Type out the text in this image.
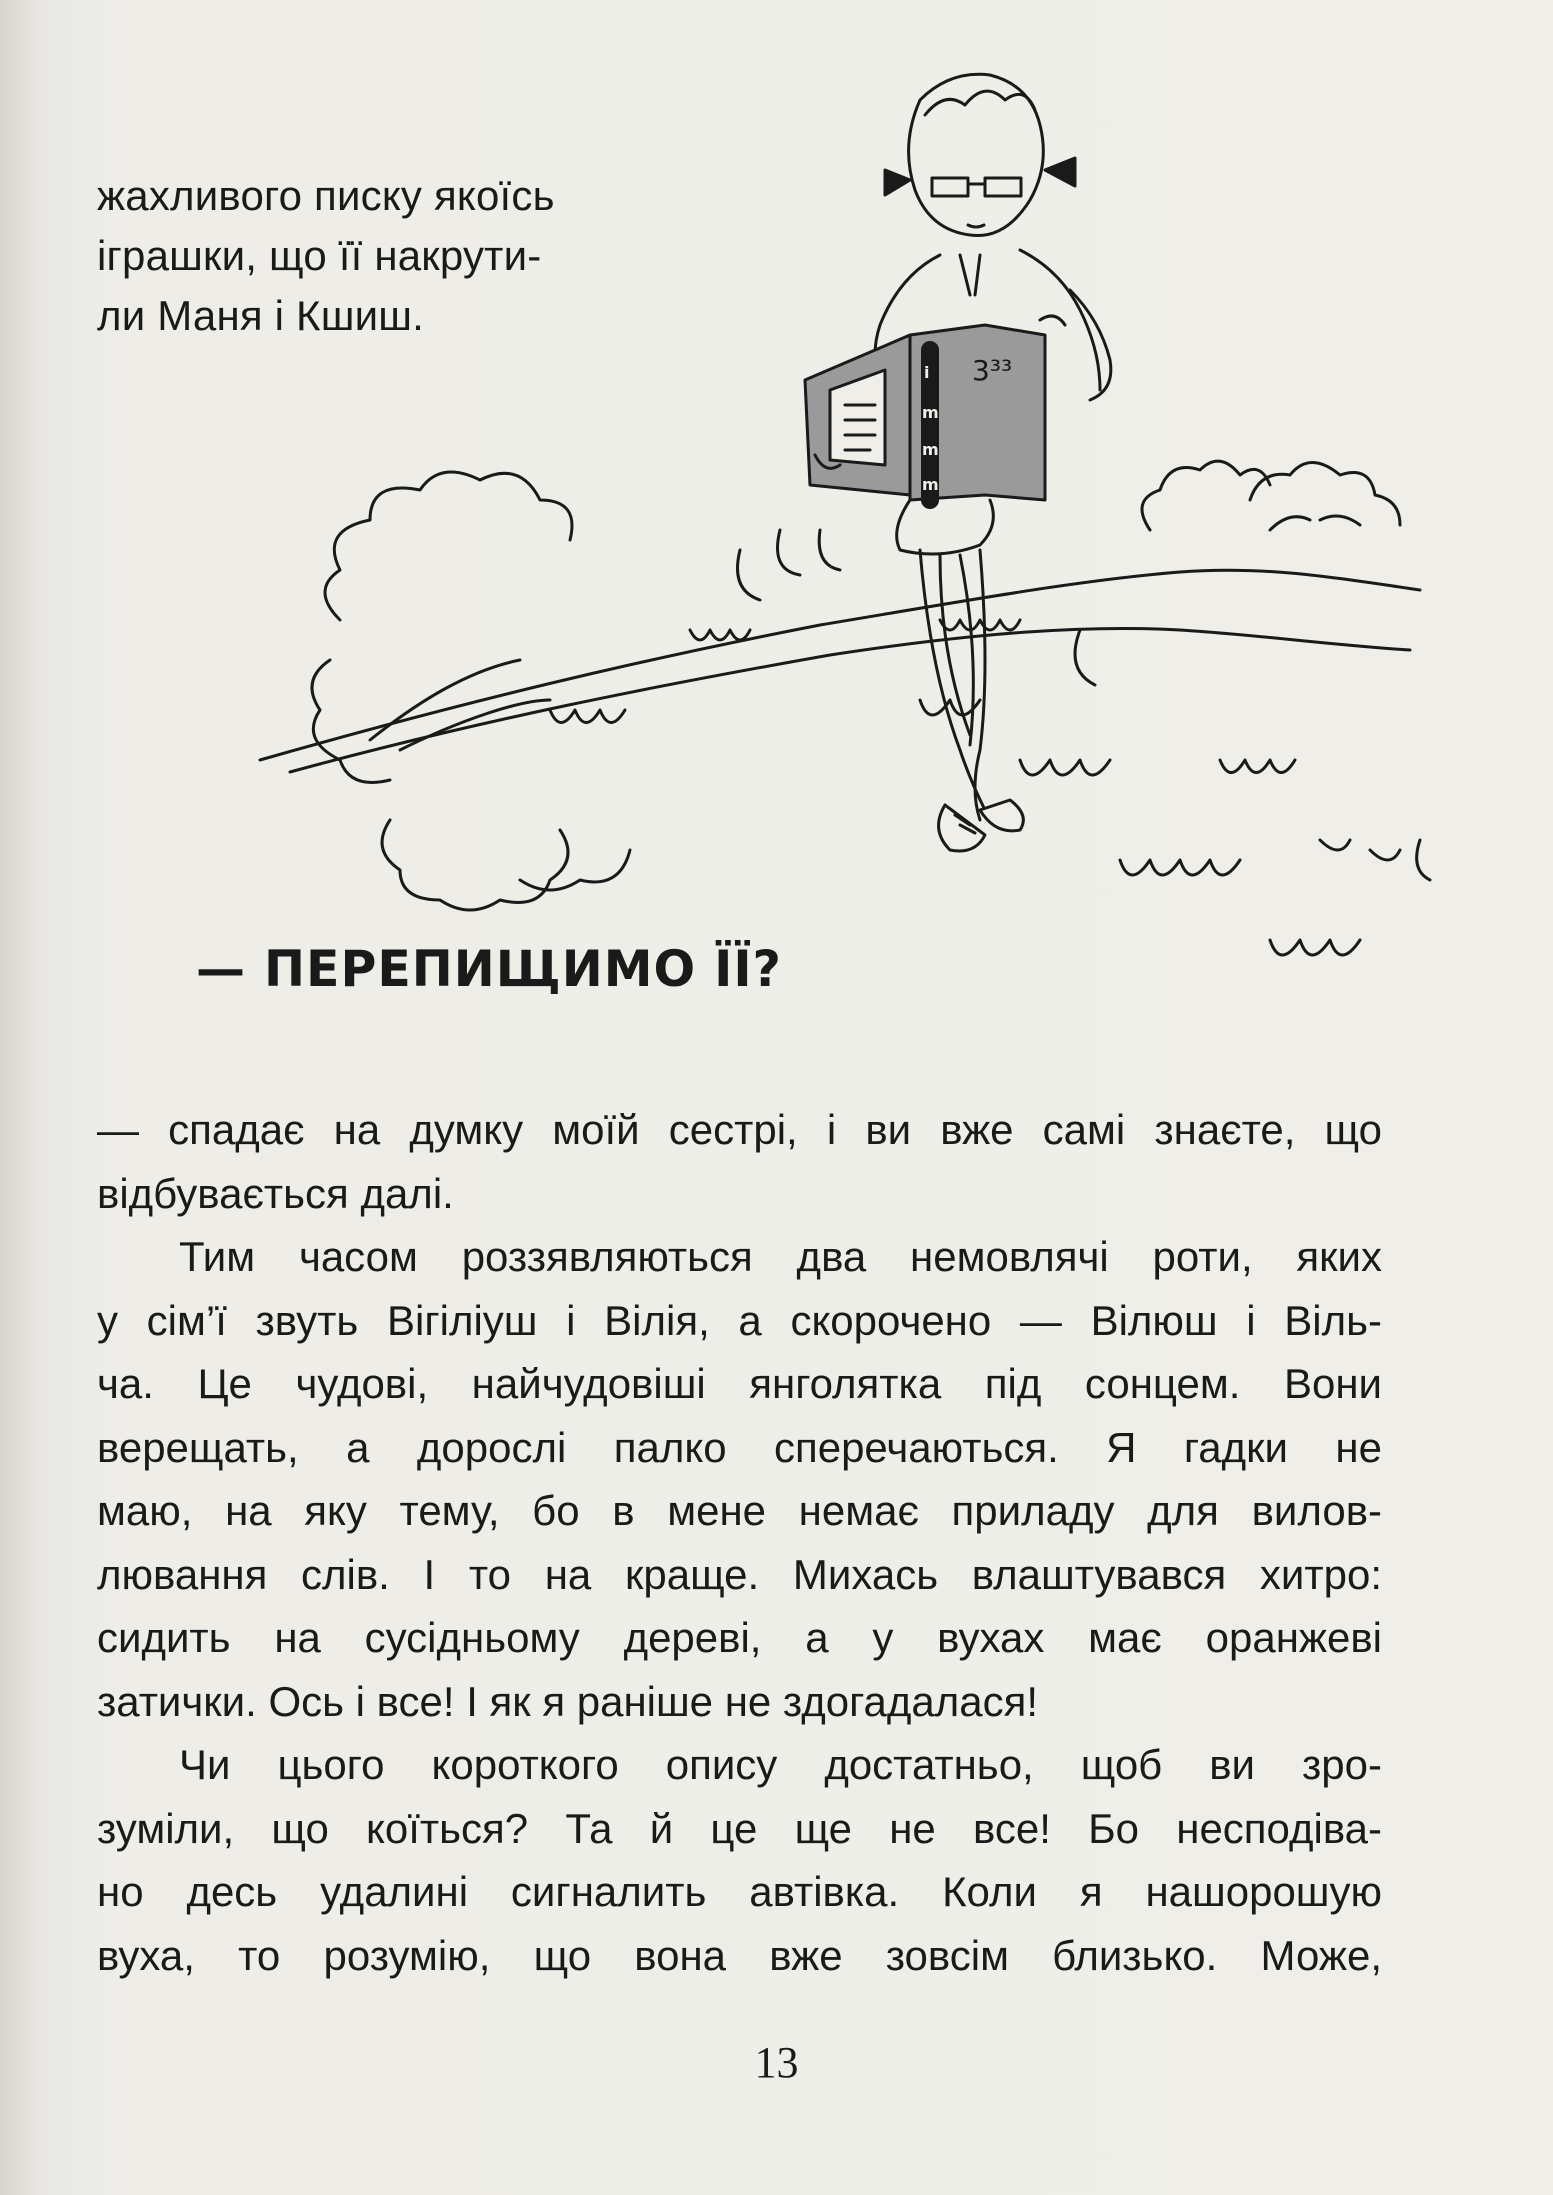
i
m
m
m
3³³
жахливого писку якоїсь
іграшки, що її накрути-
ли Маня і Кшиш.
— ПЕРЕПИЩИМО ЇЇ?
— спадає на думку моїй сестрі, і ви вже самі знаєте, що
відбувається далі.
Тим часом роззявляються два немовлячі роти, яких
у сім’ї звуть Вігіліуш і Вілія, а скорочено — Вілюш і Віль-
ча. Це чудові, найчудовіші янголятка під сонцем. Вони
верещать, а дорослі палко сперечаються. Я гадки не
маю, на яку тему, бо в мене немає приладу для вилов-
лювання слів. І то на краще. Михась влаштувався хитро:
сидить на сусідньому дереві, а у вухах має оранжеві
затички. Ось і все! І як я раніше не здогадалася!
Чи цього короткого опису достатньо, щоб ви зро-
зуміли, що коїться? Та й це ще не все! Бо несподіва-
но десь удалині сигналить автівка. Коли я нашорошую
вуха, то розумію, що вона вже зовсім близько. Може,
13
